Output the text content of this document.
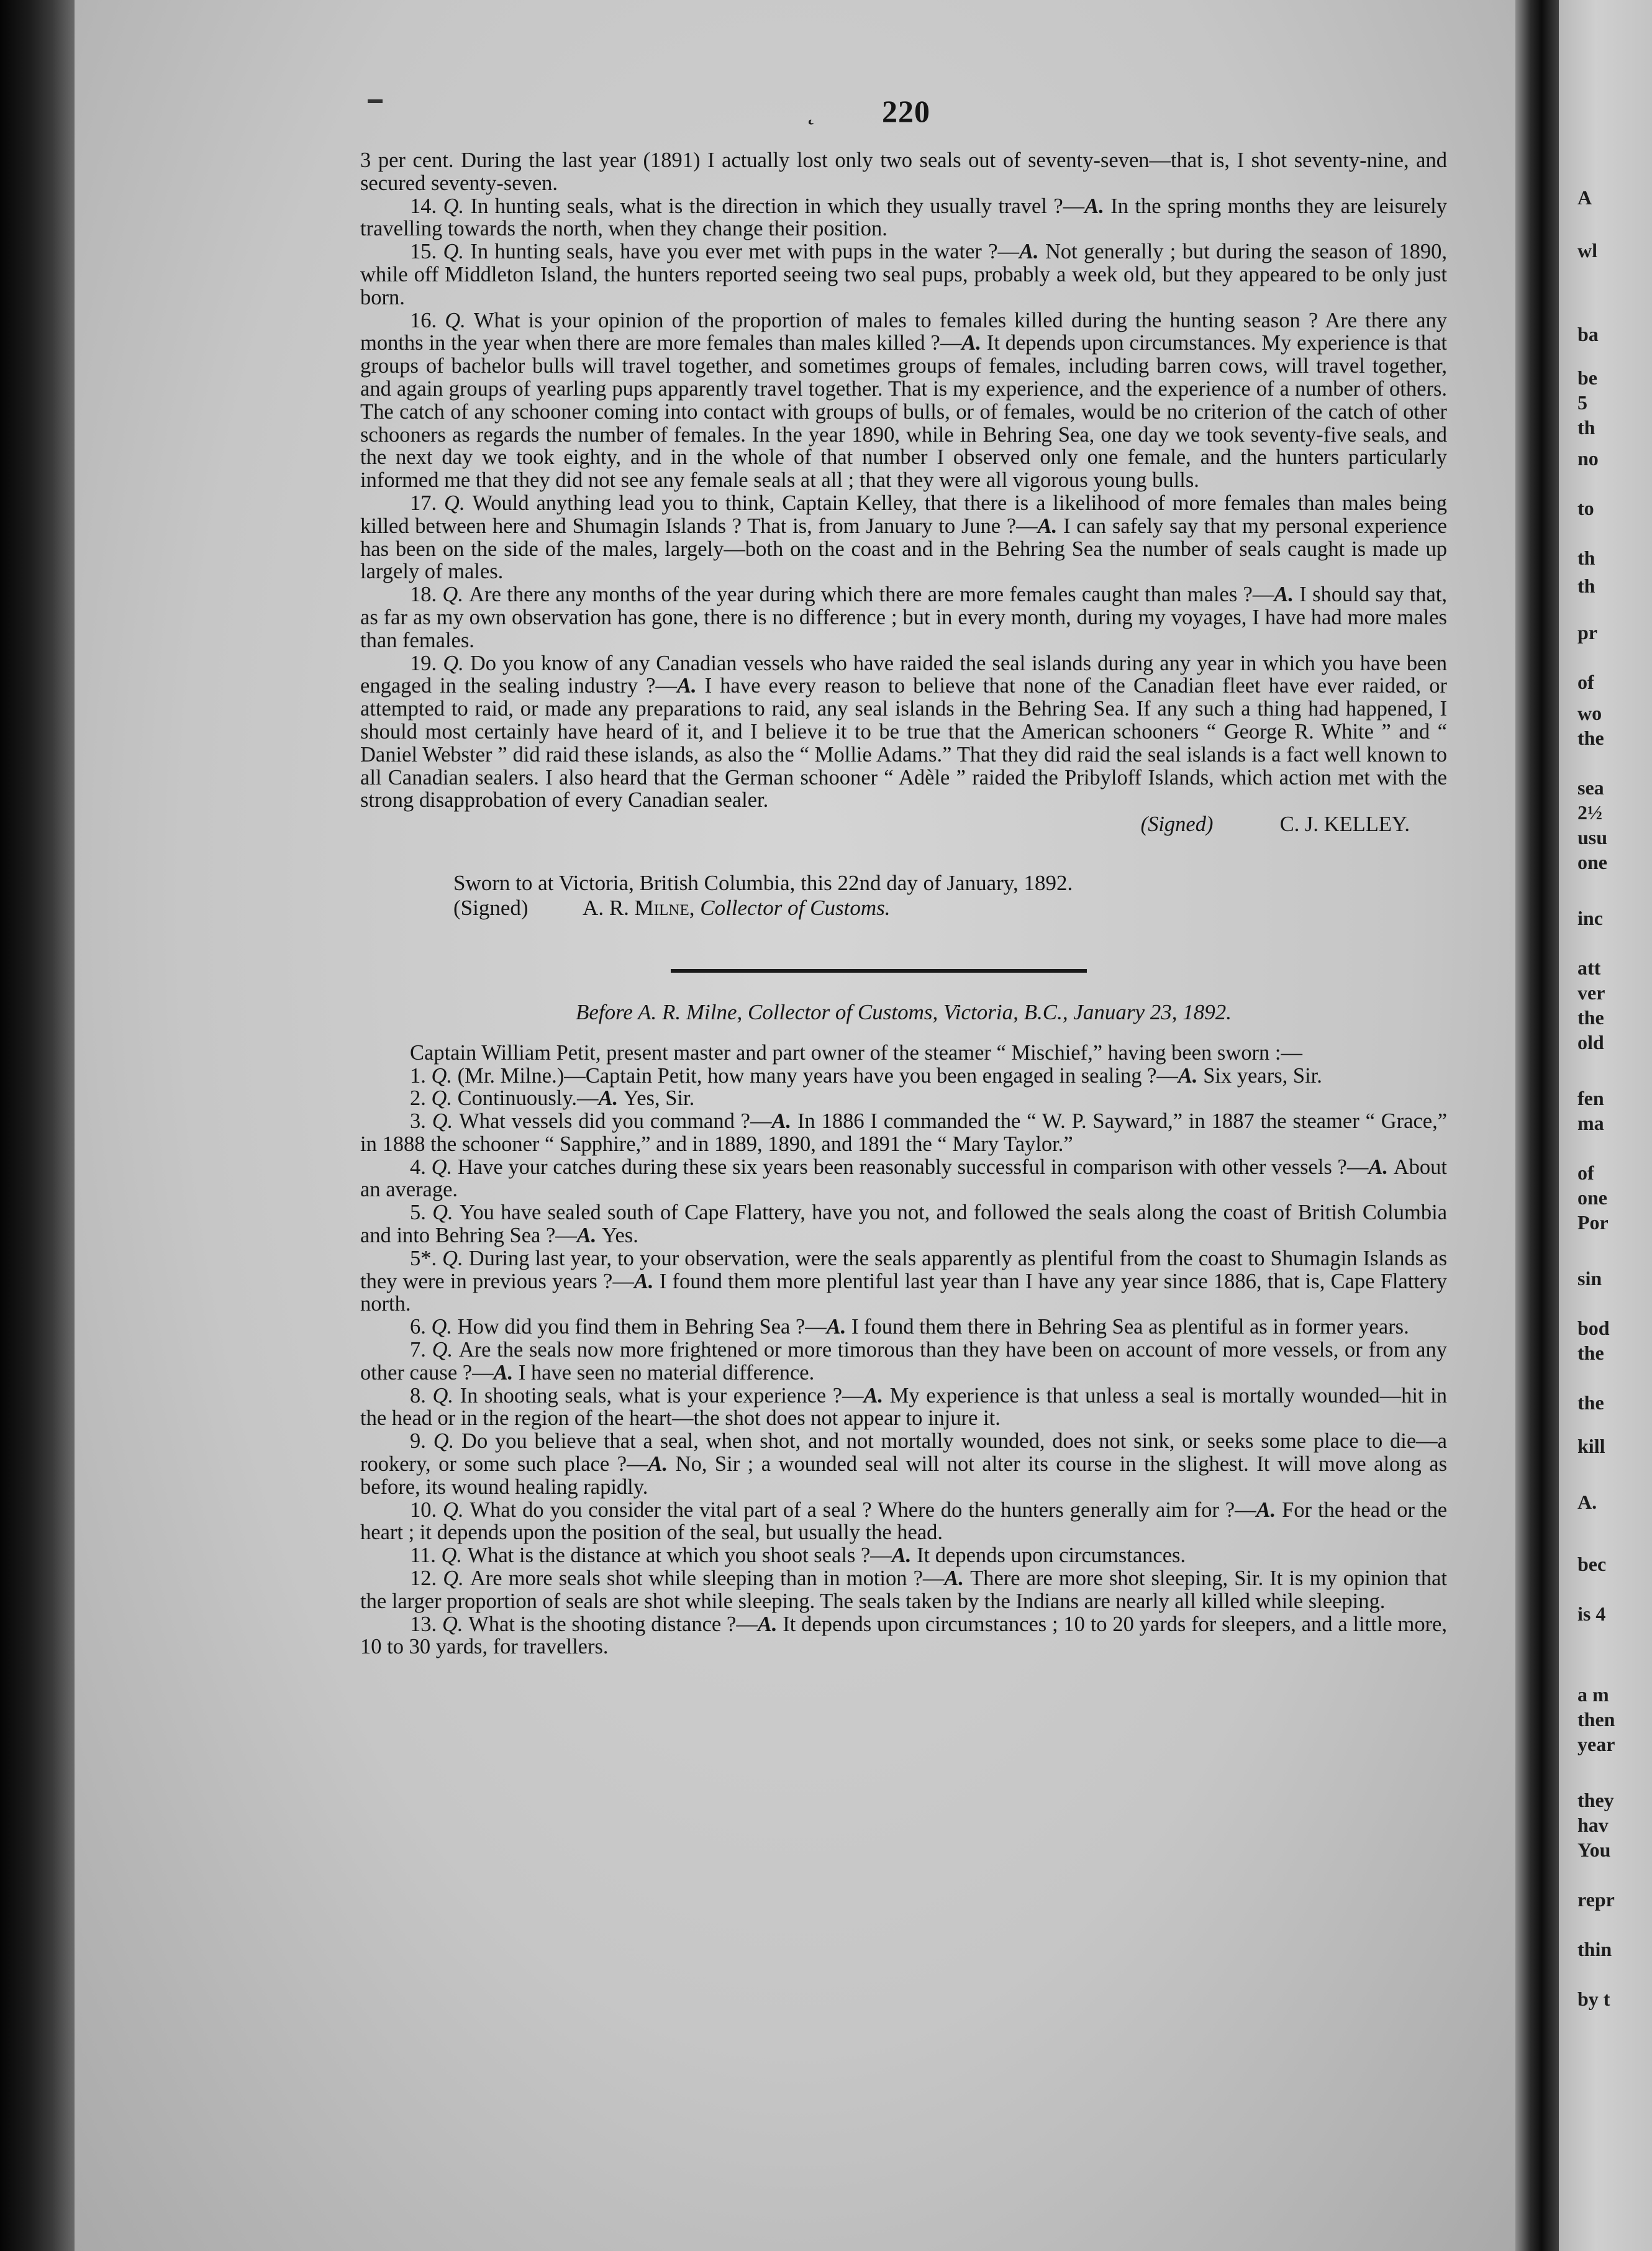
˛ 220

3 per cent. During the last year (1891) I actually lost only two seals out of seventy-seven—that is, I shot seventy-nine, and secured seventy-seven.

14. Q. In hunting seals, what is the direction in which they usually travel ?—A. In the spring months they are leisurely travelling towards the north, when they change their position.

15. Q. In hunting seals, have you ever met with pups in the water ?—A. Not generally ; but during the season of 1890, while off Middleton Island, the hunters reported seeing two seal pups, probably a week old, but they appeared to be only just born.

16. Q. What is your opinion of the proportion of males to females killed during the hunting season ? Are there any months in the year when there are more females than males killed ?—A. It depends upon circumstances. My experience is that groups of bachelor bulls will travel together, and sometimes groups of females, including barren cows, will travel together, and again groups of yearling pups apparently travel together. That is my experience, and the experience of a number of others. The catch of any schooner coming into contact with groups of bulls, or of females, would be no criterion of the catch of other schooners as regards the number of females. In the year 1890, while in Behring Sea, one day we took seventy-five seals, and the next day we took eighty, and in the whole of that number I observed only one female, and the hunters particularly informed me that they did not see any female seals at all ; that they were all vigorous young bulls.

17. Q. Would anything lead you to think, Captain Kelley, that there is a likelihood of more females than males being killed between here and Shumagin Islands ? That is, from January to June ?—A. I can safely say that my personal experience has been on the side of the males, largely—both on the coast and in the Behring Sea the number of seals caught is made up largely of males.

18. Q. Are there any months of the year during which there are more females caught than males ?—A. I should say that, as far as my own observation has gone, there is no difference ; but in every month, during my voyages, I have had more males than females.

19. Q. Do you know of any Canadian vessels who have raided the seal islands during any year in which you have been engaged in the sealing industry ?—A. I have every reason to believe that none of the Canadian fleet have ever raided, or attempted to raid, or made any preparations to raid, any seal islands in the Behring Sea. If any such a thing had happened, I should most certainly have heard of it, and I believe it to be true that the American schooners “ George R. White ” and “ Daniel Webster ” did raid these islands, as also the “ Mollie Adams.” That they did raid the seal islands is a fact well known to all Canadian sealers. I also heard that the German schooner “ Adèle ” raided the Pribyloff Islands, which action met with the strong disapprobation of every Canadian sealer.

(Signed)	C. J. KELLEY.
Sworn to at Victoria, British Columbia, this 22nd day of January, 1892.
(Signed)	A. R. Milne, Collector of Customs.
Before A. R. Milne, Collector of Customs, Victoria, B.C., January 23, 1892.

Captain William Petit, present master and part owner of the steamer “ Mischief,” having been sworn :—

1. Q. (Mr. Milne.)—Captain Petit, how many years have you been engaged in sealing ?—A. Six years, Sir.

2. Q. Continuously.—A. Yes, Sir.

3. Q. What vessels did you command ?—A. In 1886 I commanded the “ W. P. Sayward,” in 1887 the steamer “ Grace,” in 1888 the schooner “ Sapphire,” and in 1889, 1890, and 1891 the “ Mary Taylor.”

4. Q. Have your catches during these six years been reasonably successful in comparison with other vessels ?—A. About an average.

5. Q. You have sealed south of Cape Flattery, have you not, and followed the seals along the coast of British Columbia and into Behring Sea ?—A. Yes.

5*. Q. During last year, to your observation, were the seals apparently as plentiful from the coast to Shumagin Islands as they were in previous years ?—A. I found them more plentiful last year than I have any year since 1886, that is, Cape Flattery north.

6. Q. How did you find them in Behring Sea ?—A. I found them there in Behring Sea as plentiful as in former years.

7. Q. Are the seals now more frightened or more timorous than they have been on account of more vessels, or from any other cause ?—A. I have seen no material difference.

8. Q. In shooting seals, what is your experience ?—A. My experience is that unless a seal is mortally wounded—hit in the head or in the region of the heart—the shot does not appear to injure it.

9. Q. Do you believe that a seal, when shot, and not mortally wounded, does not sink, or seeks some place to die—a rookery, or some such place ?—A. No, Sir ; a wounded seal will not alter its course in the slighest. It will move along as before, its wound healing rapidly.

10. Q. What do you consider the vital part of a seal ? Where do the hunters generally aim for ?—A. For the head or the heart ; it depends upon the position of the seal, but usually the head.

11. Q. What is the distance at which you shoot seals ?—A. It depends upon circumstances.

12. Q. Are more seals shot while sleeping than in motion ?—A. There are more shot sleeping, Sir. It is my opinion that the larger proportion of seals are shot while sleeping. The seals taken by the Indians are nearly all killed while sleeping.

13. Q. What is the shooting distance ?—A. It depends upon circumstances ; 10 to 20 yards for sleepers, and a little more, 10 to 30 yards, for travellers.

A
wl
ba
be
5
th
no
to
th
th
pr
of
wo
the
sea
2½
usu
one
inc
att
ver
the
old
fen
ma
of
one
Por
sin
bod
the
the
kill
A.
bec
is 4
a m
then
year
they
hav
You
repr
thin
by t
